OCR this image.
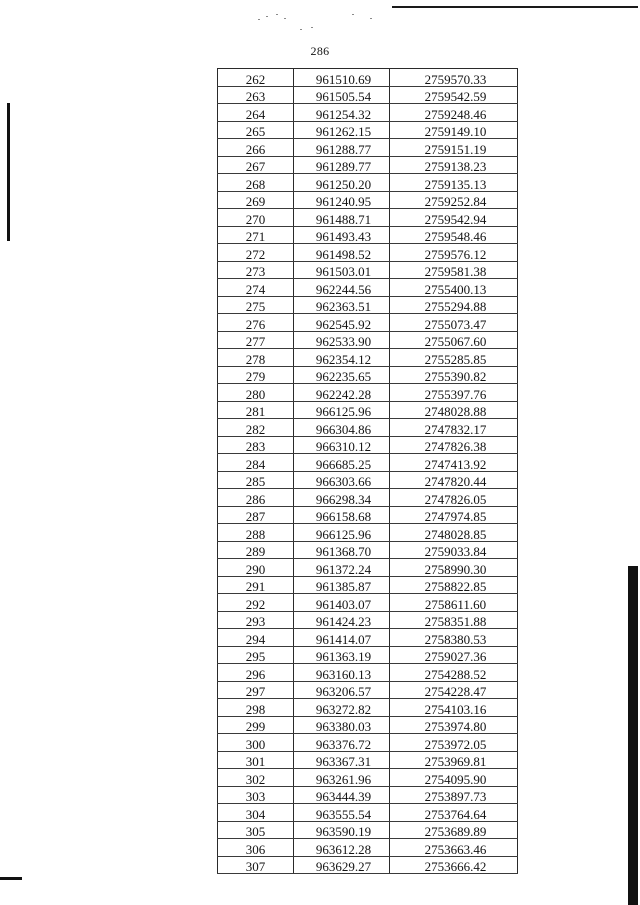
286
262	961510.69	2759570.33
263	961505.54	2759542.59
264	961254.32	2759248.46
265	961262.15	2759149.10
266	961288.77	2759151.19
267	961289.77	2759138.23
268	961250.20	2759135.13
269	961240.95	2759252.84
270	961488.71	2759542.94
271	961493.43	2759548.46
272	961498.52	2759576.12
273	961503.01	2759581.38
274	962244.56	2755400.13
275	962363.51	2755294.88
276	962545.92	2755073.47
277	962533.90	2755067.60
278	962354.12	2755285.85
279	962235.65	2755390.82
280	962242.28	2755397.76
281	966125.96	2748028.88
282	966304.86	2747832.17
283	966310.12	2747826.38
284	966685.25	2747413.92
285	966303.66	2747820.44
286	966298.34	2747826.05
287	966158.68	2747974.85
288	966125.96	2748028.85
289	961368.70	2759033.84
290	961372.24	2758990.30
291	961385.87	2758822.85
292	961403.07	2758611.60
293	961424.23	2758351.88
294	961414.07	2758380.53
295	961363.19	2759027.36
296	963160.13	2754288.52
297	963206.57	2754228.47
298	963272.82	2754103.16
299	963380.03	2753974.80
300	963376.72	2753972.05
301	963367.31	2753969.81
302	963261.96	2754095.90
303	963444.39	2753897.73
304	963555.54	2753764.64
305	963590.19	2753689.89
306	963612.28	2753663.46
307	963629.27	2753666.42
